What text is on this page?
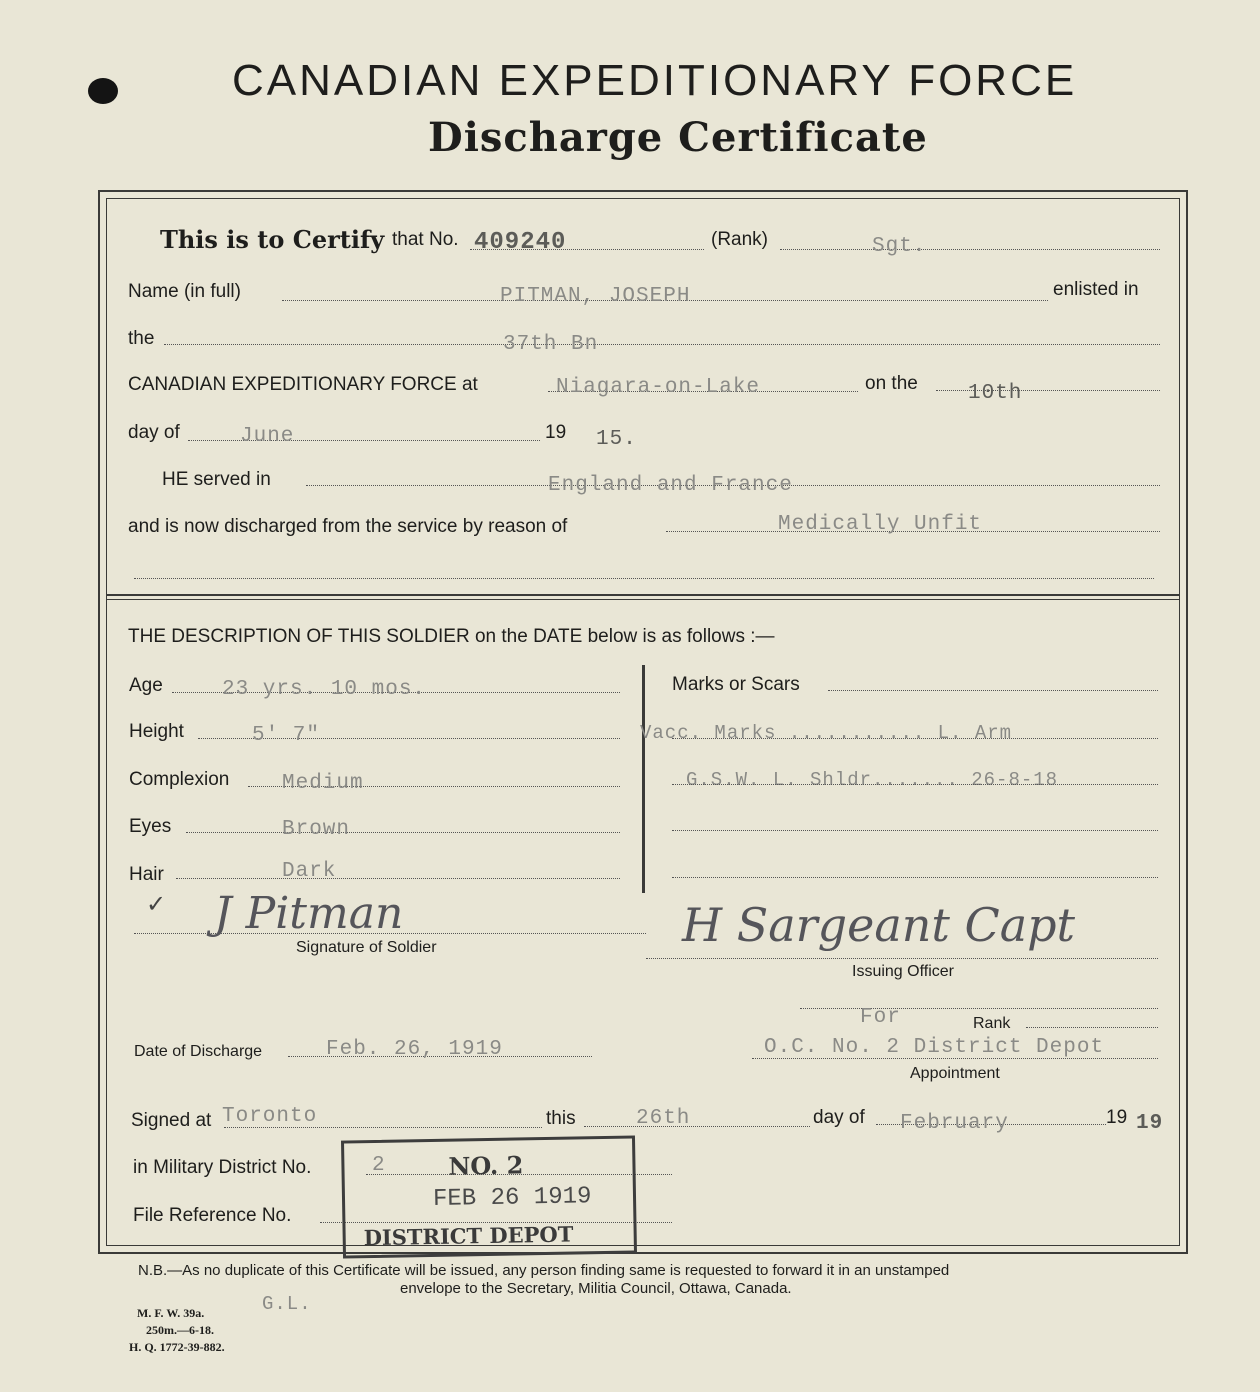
CANADIAN EXPEDITIONARY FORCE
Discharge Certificate
This is to Certify that No. 409240	(Rank)	Sgt.
Name (in full)	PITMAN, JOSEPH	enlisted in
the	37th Bn
CANADIAN EXPEDITIONARY FORCE at	Niagara-on-Lake	on the 10th
day of	June	19 15.
HE served in	England and France
and is now discharged from the service by reason of	Medically Unfit
THE DESCRIPTION OF THIS SOLDIER on the DATE below is as follows :—
Age	23 yrs. 10 mos.
Height	5' 7"
Complexion	Medium
Eyes	Brown
Hair	Dark
Marks or Scars
Vacc. Marks ........... L. Arm
G.S.W. L. Shldr....... 26-8-18
✓ J Pitman
Signature of Soldier	H Sargeant Capt
Issuing Officer
For	Rank
Date of Discharge	Feb. 26, 1919	O.C. No. 2 District Depot
Appointment
Signed at Toronto	this	26th	day of February	19 19
in Military District No.	2
File Reference No.
NO. 2
FEB 26 1919
DISTRICT DEPOT
N.B.—As no duplicate of this Certificate will be issued, any person finding same is requested to forward it in an unstamped
envelope to the Secretary, Militia Council, Ottawa, Canada.
M. F. W. 39a.
250m.—6-18.
H. Q. 1772-39-882.
G.L.
